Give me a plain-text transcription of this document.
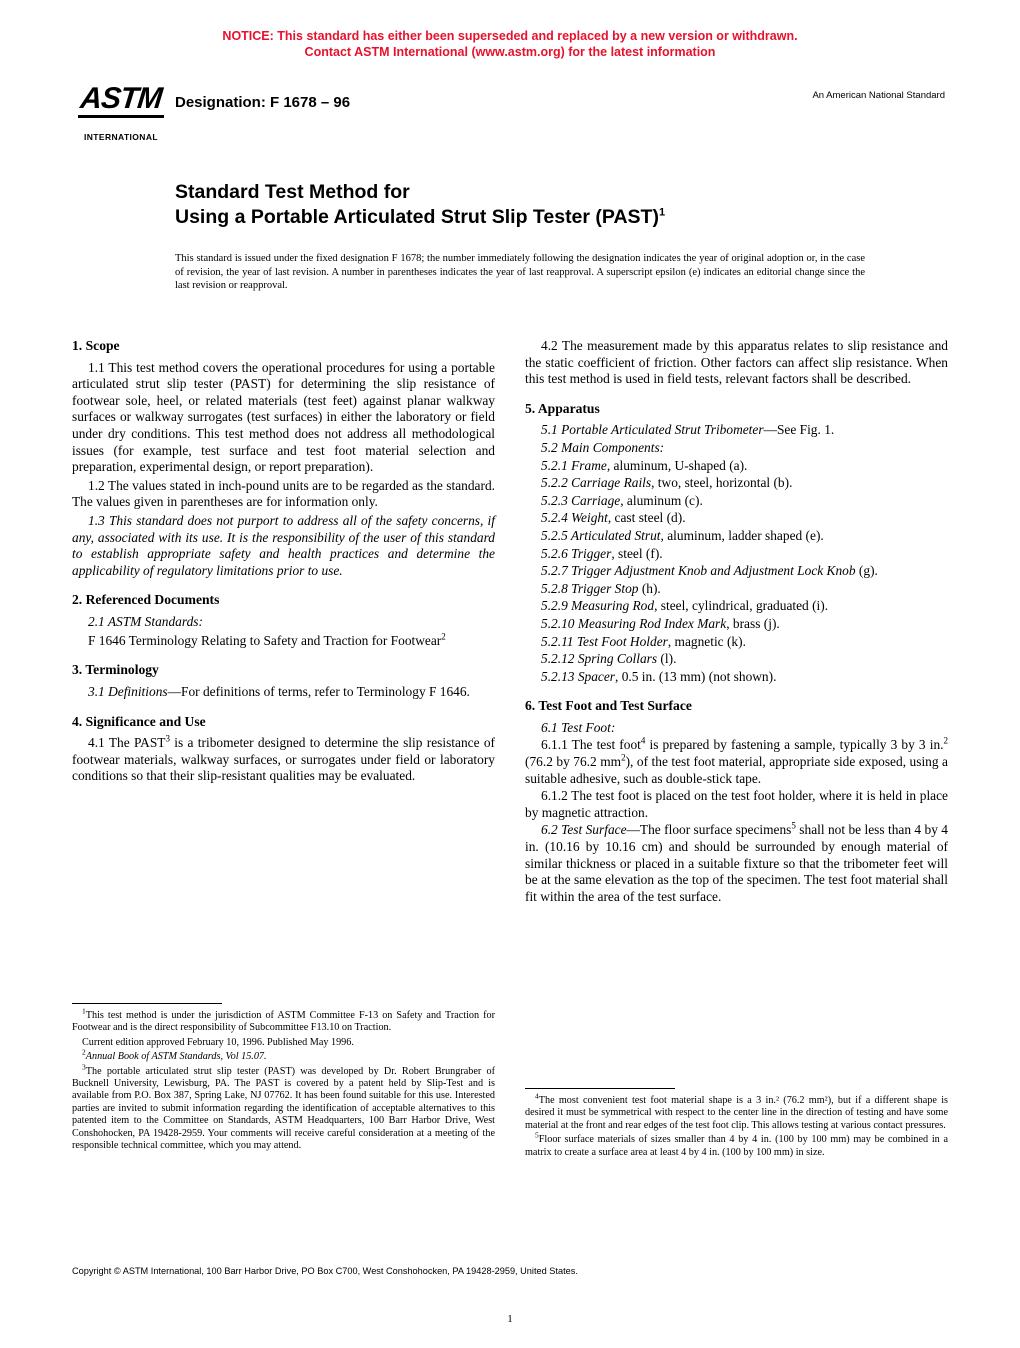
NOTICE: This standard has either been superseded and replaced by a new version or withdrawn.
Contact ASTM International (www.astm.org) for the latest information
ASTM
INTERNATIONAL
Designation: F 1678 – 96	An American National Standard
Standard Test Method for
Using a Portable Articulated Strut Slip Tester (PAST)$^1$
This standard is issued under the fixed designation F 1678; the number immediately following the designation indicates the year of original adoption or, in the case of revision, the year of last revision. A number in parentheses indicates the year of last reapproval. A superscript epsilon (e) indicates an editorial change since the last revision or reapproval.
1. Scope

1.1 This test method covers the operational procedures for using a portable articulated strut slip tester (PAST) for determining the slip resistance of footwear sole, heel, or related materials (test feet) against planar walkway surfaces or walkway surrogates (test surfaces) in either the laboratory or field under dry conditions. This test method does not address all methodological issues (for example, test surface and test foot material selection and preparation, experimental design, or report preparation).

1.2 The values stated in inch-pound units are to be regarded as the standard. The values given in parentheses are for information only.

1.3 This standard does not purport to address all of the safety concerns, if any, associated with its use. It is the responsibility of the user of this standard to establish appropriate safety and health practices and determine the applicability of regulatory limitations prior to use.

2. Referenced Documents

2.1 ASTM Standards:

F 1646 Terminology Relating to Safety and Traction for Footwear$^2$

3. Terminology

3.1 Definitions—For definitions of terms, refer to Terminology F 1646.

4. Significance and Use

4.1 The PAST$^3$ is a tribometer designed to determine the slip resistance of footwear materials, walkway surfaces, or surrogates under field or laboratory conditions so that their slip-resistant qualities may be evaluated.

4.2 The measurement made by this apparatus relates to slip resistance and the static coefficient of friction. Other factors can affect slip resistance. When this test method is used in field tests, relevant factors shall be described.

5. Apparatus

5.1 Portable Articulated Strut Tribometer—See Fig. 1.

5.2 Main Components:

5.2.1 Frame, aluminum, U-shaped (a).

5.2.2 Carriage Rails, two, steel, horizontal (b).

5.2.3 Carriage, aluminum (c).

5.2.4 Weight, cast steel (d).

5.2.5 Articulated Strut, aluminum, ladder shaped (e).

5.2.6 Trigger, steel (f).

5.2.7 Trigger Adjustment Knob and Adjustment Lock Knob (g).

5.2.8 Trigger Stop (h).

5.2.9 Measuring Rod, steel, cylindrical, graduated (i).

5.2.10 Measuring Rod Index Mark, brass (j).

5.2.11 Test Foot Holder, magnetic (k).

5.2.12 Spring Collars (l).

5.2.13 Spacer, 0.5 in. (13 mm) (not shown).

6. Test Foot and Test Surface

6.1 Test Foot:

6.1.1 The test foot$^4$ is prepared by fastening a sample, typically 3 by 3 in.$^2$ (76.2 by 76.2 $mm^2$), of the test foot material, appropriate side exposed, using a suitable adhesive, such as double-stick tape.

6.1.2 The test foot is placed on the test foot holder, where it is held in place by magnetic attraction.

6.2 Test Surface—The floor surface specimens$^5$ shall not be less than 4 by 4 in. (10.16 by 10.16 cm) and should be surrounded by enough material of similar thickness or placed in a suitable fixture so that the tribometer feet will be at the same elevation as the top of the specimen. The test foot material shall fit within the area of the test surface.

$^1$This test method is under the jurisdiction of ASTM Committee F-13 on Safety and Traction for Footwear and is the direct responsibility of Subcommittee F13.10 on Traction.

Current edition approved February 10, 1996. Published May 1996.

$^2$Annual Book of ASTM Standards, Vol 15.07.

$^3$The portable articulated strut slip tester (PAST) was developed by Dr. Robert Brungraber of Bucknell University, Lewisburg, PA. The PAST is covered by a patent held by Slip-Test and is available from P.O. Box 387, Spring Lake, NJ 07762. It has been found suitable for this use. Interested parties are invited to submit information regarding the identification of acceptable alternatives to this patented item to the Committee on Standards, ASTM Headquarters, 100 Barr Harbor Drive, West Conshohocken, PA 19428-2959. Your comments will receive careful consideration at a meeting of the responsible technical committee, which you may attend.

$^4$The most convenient test foot material shape is a 3 in.² (76.2 mm²), but if a different shape is desired it must be symmetrical with respect to the center line in the direction of testing and have some material at the front and rear edges of the test foot clip. This allows testing at various contact pressures.

$^5$Floor surface materials of sizes smaller than 4 by 4 in. (100 by 100 mm) may be combined in a matrix to create a surface area at least 4 by 4 in. (100 by 100 mm) in size.

Copyright © ASTM International, 100 Barr Harbor Drive, PO Box C700, West Conshohocken, PA 19428-2959, United States.
1
